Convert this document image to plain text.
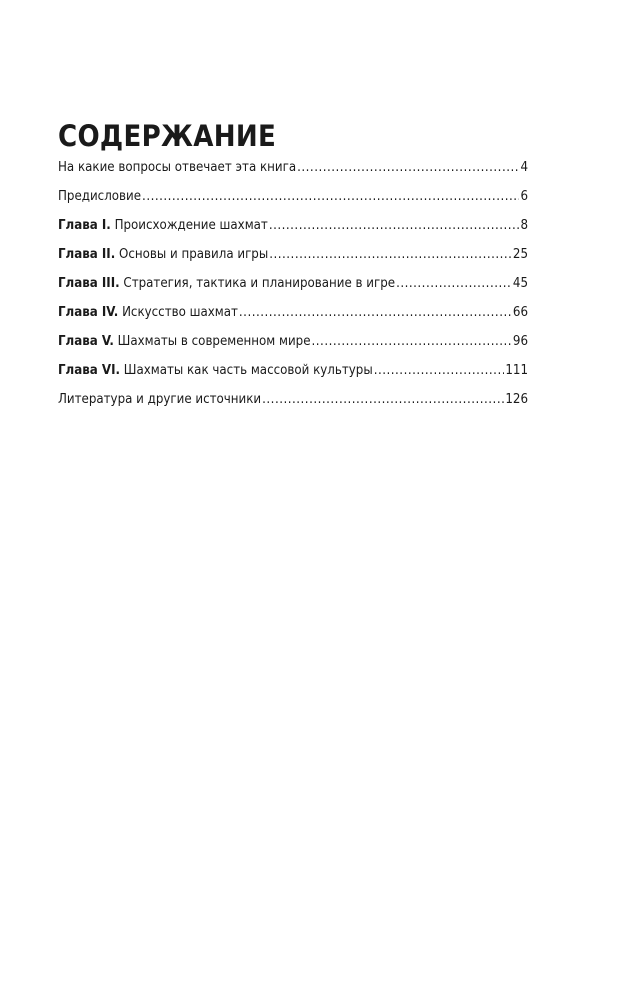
СОДЕРЖАНИЕ
На какие вопросы отвечает эта книга .....	4
Предисловие .....	6
Глава I. Происхождение шахмат .....	8
Глава II. Основы и правила игры .....	25
Глава III. Стратегия, тактика и планирование в игре .....	45
Глава IV. Искусство шахмат .....	66
Глава V. Шахматы в современном мире .....	96
Глава VI. Шахматы как часть массовой культуры .....	111
Литература и другие источники .....	126
